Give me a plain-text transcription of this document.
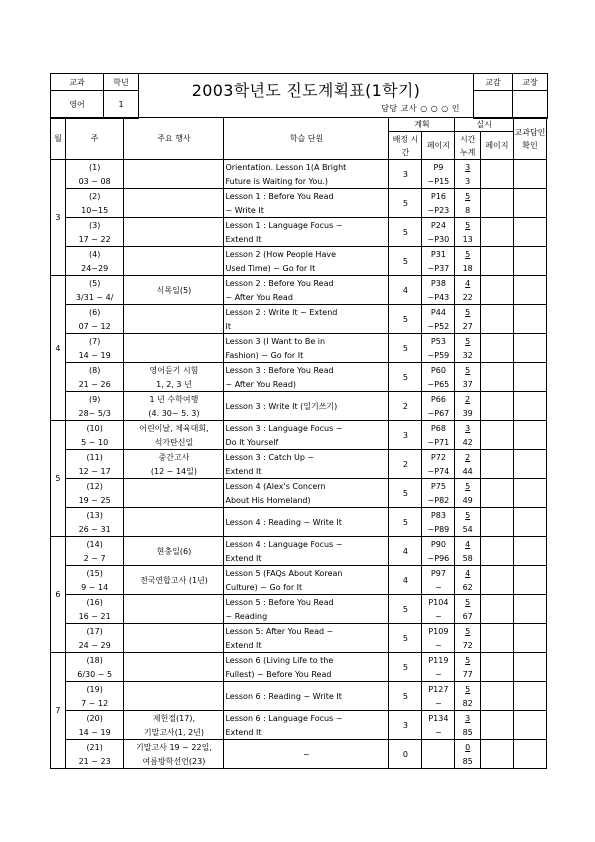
교과	학년	2003학년도 진도계획표(1학기)	교감	교장
영어	1				담당 교사 ○ ○ ○ 인
월	주	주요 행사	학습 단원	계획		실시		교과담인 확인
				배정 시간	페이지	시간 누계	페이지	

3	(1)		Orientation. Lesson 1(A Bright	3	P9	3		
	03 ~ 08		Future is Waiting for You.)		~P15	3		
	(2)		Lesson 1 : Before You Read	5	P16	5		
	10~15		~ Write It		~P23	8		
	(3)		Lesson 1 : Language Focus ~	5	P24	5		
	17 ~ 22		Extend It		~P30	13		
	(4)		Lesson 2 (How People Have	5	P31	5		
	24~29		Used Time) ~ Go for It		~P37	18		
4	(5)	식목일(5)	Lesson 2 : Before You Read	4	P38	4		
	3/31 ~ 4/		~ After You Read		~P43	22		
	(6)		Lesson 2 : Write It ~ Extend	5	P44	5		
	07 ~ 12		It		~P52	27		
	(7)		Lesson 3 (I Want to Be in	5	P53	5		
	14 ~ 19		Fashion) ~ Go for It		~P59	32		
	(8)	영어듣기 시험	Lesson 3 : Before You Read	5	P60	5		
	21 ~ 26	1, 2, 3 년	~ After You Read)		~P65	37		
	(9)	1 년 수학여행	Lesson 3 : Write It (일기쓰기)	2	P66	2		
	28~ 5/3	(4. 30~ 5. 3)			~P67	39		
5	(10)	어린이날, 체육대회,	Lesson 3 : Language Focus ~	3	P68	3		
	5 ~ 10	석가탄신일	Do It Yourself		~P71	42		
	(11)	중간고사	Lesson 3 : Catch Up ~	2	P72	2		
	12 ~ 17	(12 ~ 14일)	Extend It		~P74	44		
	(12)		Lesson 4 (Alex's Concern	5	P75	5		
	19 ~ 25		About His Homeland)		~P82	49		
	(13)		Lesson 4 : Reading ~ Write It	5	P83	5		
	26 ~ 31				~P89	54		
6	(14)	현충일(6)	Lesson 4 : Language Focus ~	4	P90	4		
	2 ~ 7		Extend It		~P96	58		
	(15)	전국연합고사 (1년)	Lesson 5 (FAQs About Korean	4	P97	4		
	9 ~ 14		Culture) ~ Go for It		~	62		
	(16)		Lesson 5 : Before You Read	5	P104	5		
	16 ~ 21		~ Reading		~	67		
	(17)		Lesson 5: After You Read ~	5	P109	5		
	24 ~ 29		Extend It		~	72		
7	(18)		Lesson 6 (Living Life to the	5	P119	5		
	6/30 ~ 5		Fullest) ~ Before You Read		~	77		
	(19)		Lesson 6 : Reading ~ Write It	5	P127	5		
	7 ~ 12				~	82		
	(20)	제헌절(17),	Lesson 6 : Language Focus ~	3	P134	3		
	14 ~ 19	기말고사(1, 2년)	Extend It		~	85		
	(21)	기말고사 19 ~ 22일,	~	0		0		
	21 ~ 23	여름방학선언(23)				85		
